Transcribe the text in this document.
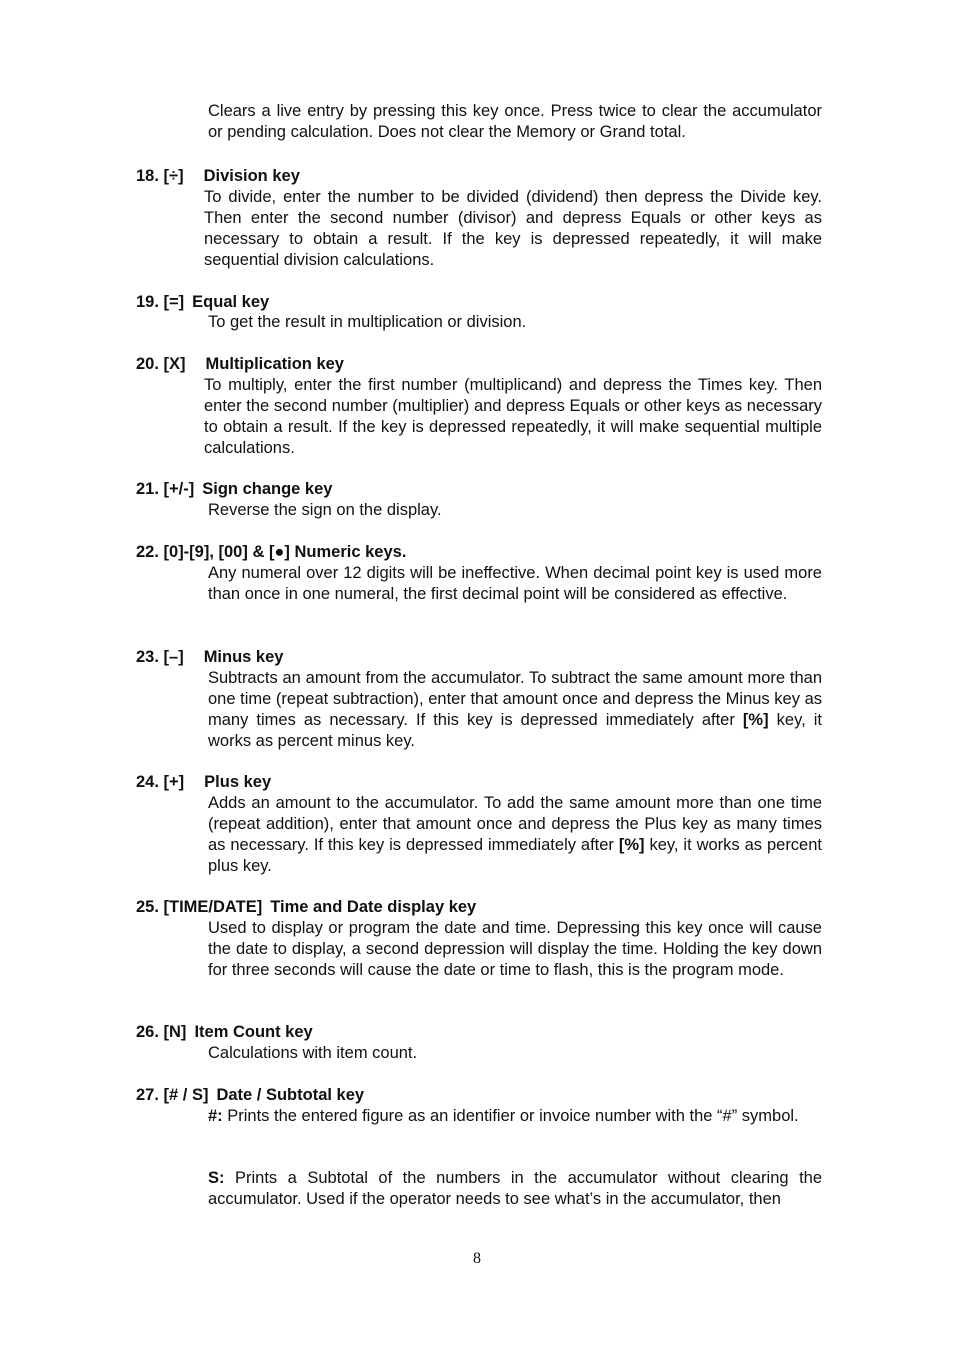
Clears a live entry by pressing this key once. Press twice to clear the accumulator or pending calculation. Does not clear the Memory or Grand total.

18. [÷] Division key

To divide, enter the number to be divided (dividend) then depress the Divide key. Then enter the second number (divisor) and depress Equals or other keys as necessary to obtain a result. If the key is depressed repeatedly, it will make sequential division calculations.

19. [=] Equal key

To get the result in multiplication or division.

20. [X] Multiplication key

To multiply, enter the first number (multiplicand) and depress the Times key. Then enter the second number (multiplier) and depress Equals or other keys as necessary to obtain a result. If the key is depressed repeatedly, it will make sequential multiple calculations.

21. [+/-] Sign change key

Reverse the sign on the display.

22. [0]-[9], [00] & [●] Numeric keys.

Any numeral over 12 digits will be ineffective. When decimal point key is used more than once in one numeral, the first decimal point will be considered as effective.

23. [–] Minus key

Subtracts an amount from the accumulator. To subtract the same amount more than one time (repeat subtraction), enter that amount once and depress the Minus key as many times as necessary. If this key is depressed immediately after [%] key, it works as percent minus key.

24. [+] Plus key

Adds an amount to the accumulator. To add the same amount more than one time (repeat addition), enter that amount once and depress the Plus key as many times as necessary. If this key is depressed immediately after [%] key, it works as percent plus key.

25. [TIME/DATE] Time and Date display key

Used to display or program the date and time. Depressing this key once will cause the date to display, a second depression will display the time. Holding the key down for three seconds will cause the date or time to flash, this is the program mode.

26. [N] Item Count key

Calculations with item count.

27. [# / S] Date / Subtotal key

#: Prints the entered figure as an identifier or invoice number with the “#” symbol.

S: Prints a Subtotal of the numbers in the accumulator without clearing the accumulator. Used if the operator needs to see what’s in the accumulator, then

8
